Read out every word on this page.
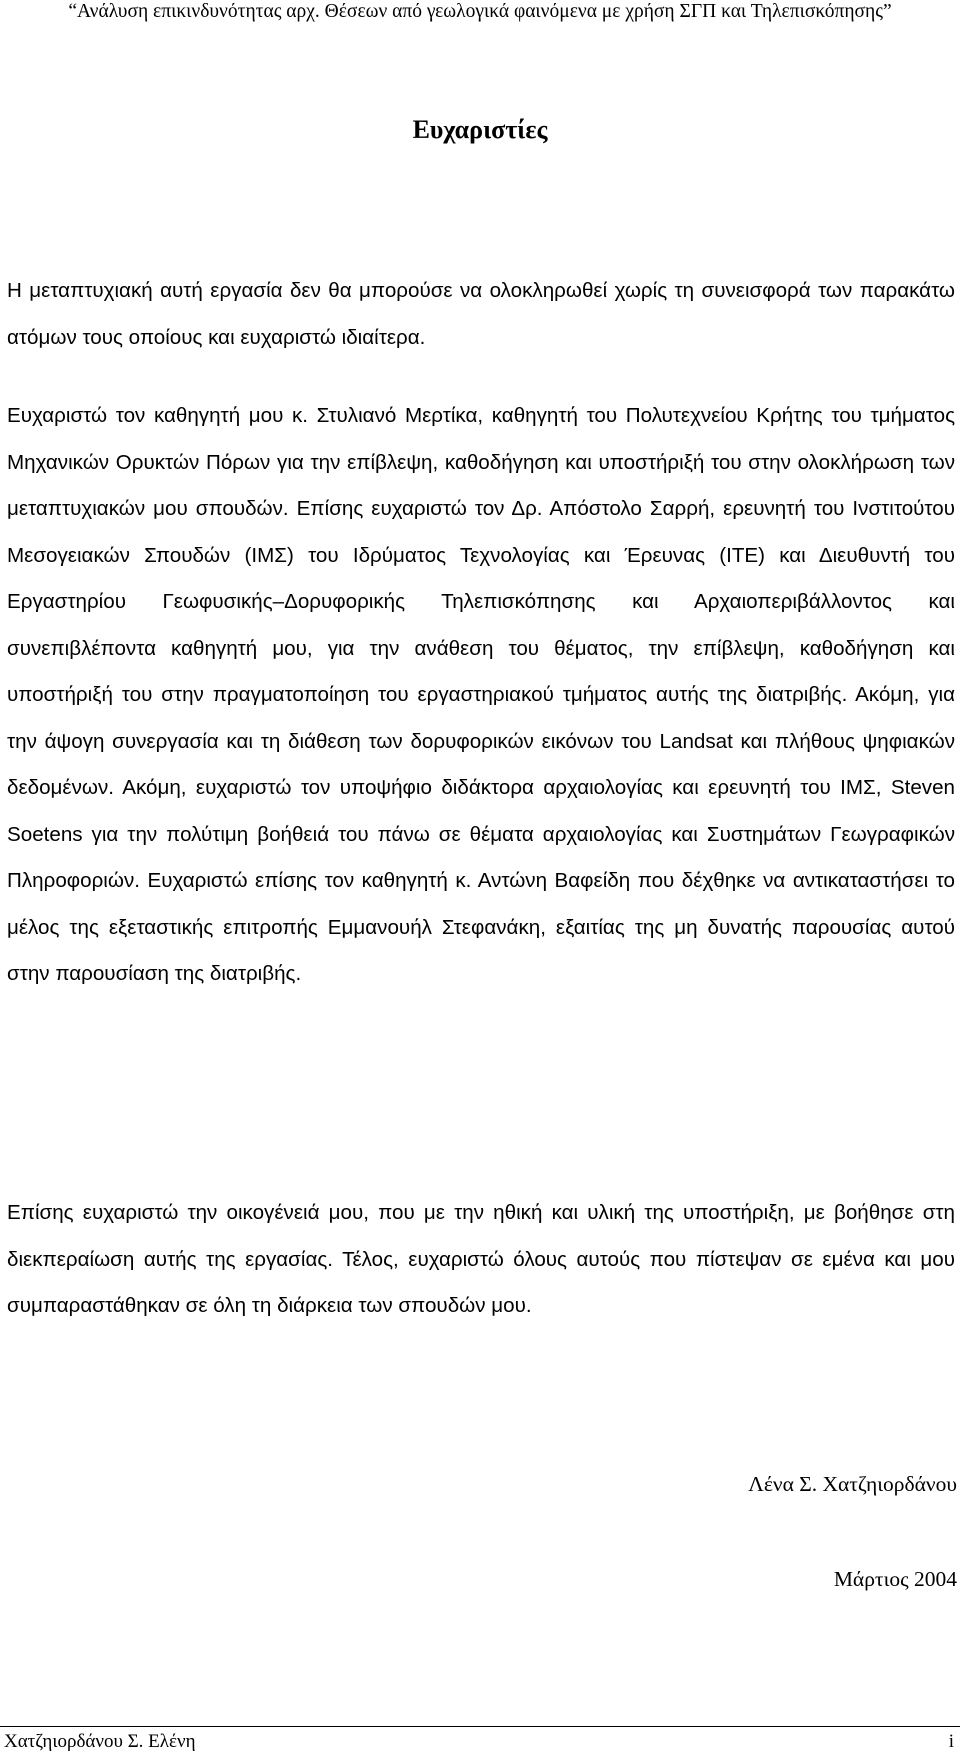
“Ανάλυση επικινδυνότητας αρχ. Θέσεων από γεωλογικά φαινόμενα με χρήση ΣΓΠ και Τηλεπισκόπησης”
Ευχαριστίες

Η μεταπτυχιακή αυτή εργασία δεν θα μπορούσε να ολοκληρωθεί χωρίς τη συνεισφορά των παρακάτω ατόμων τους οποίους και ευχαριστώ ιδιαίτερα.

Ευχαριστώ τον καθηγητή μου κ. Στυλιανό Μερτίκα, καθηγητή του Πολυτεχνείου Κρήτης του τμήματος Μηχανικών Ορυκτών Πόρων για την επίβλεψη, καθοδήγηση και υποστήριξή του στην ολοκλήρωση των μεταπτυχιακών μου σπουδών. Επίσης ευχαριστώ τον Δρ. Απόστολο Σαρρή, ερευνητή του Ινστιτούτου Μεσογειακών Σπουδών (ΙΜΣ) του Ιδρύματος Τεχνολογίας και Έρευνας (ΙΤΕ) και Διευθυντή του Εργαστηρίου Γεωφυσικής–Δορυφορικής Τηλεπισκόπησης και Αρχαιοπεριβάλλοντος και συνεπιβλέποντα καθηγητή μου, για την ανάθεση του θέματος, την επίβλεψη, καθοδήγηση και υποστήριξή του στην πραγματοποίηση του εργαστηριακού τμήματος αυτής της διατριβής. Ακόμη, για την άψογη συνεργασία και τη διάθεση των δορυφορικών εικόνων του Landsat και πλήθους ψηφιακών δεδομένων. Ακόμη, ευχαριστώ τον υποψήφιο διδάκτορα αρχαιολογίας και ερευνητή του ΙΜΣ, Steven Soetens για την πολύτιμη βοήθειά του πάνω σε θέματα αρχαιολογίας και Συστημάτων Γεωγραφικών Πληροφοριών. Ευχαριστώ επίσης τον καθηγητή κ. Αντώνη Βαφείδη που δέχθηκε να αντικαταστήσει το μέλος της εξεταστικής επιτροπής Εμμανουήλ Στεφανάκη, εξαιτίας της μη δυνατής παρουσίας αυτού στην παρουσίαση της διατριβής.

Επίσης ευχαριστώ την οικογένειά μου, που με την ηθική και υλική της υποστήριξη, με βοήθησε στη διεκπεραίωση αυτής της εργασίας. Τέλος, ευχαριστώ όλους αυτούς που πίστεψαν σε εμένα και μου συμπαραστάθηκαν σε όλη τη διάρκεια των σπουδών μου.

Λένα Σ. Χατζηιορδάνου
Μάρτιος 2004
Χατζηιορδάνου Σ. Ελένη	i
